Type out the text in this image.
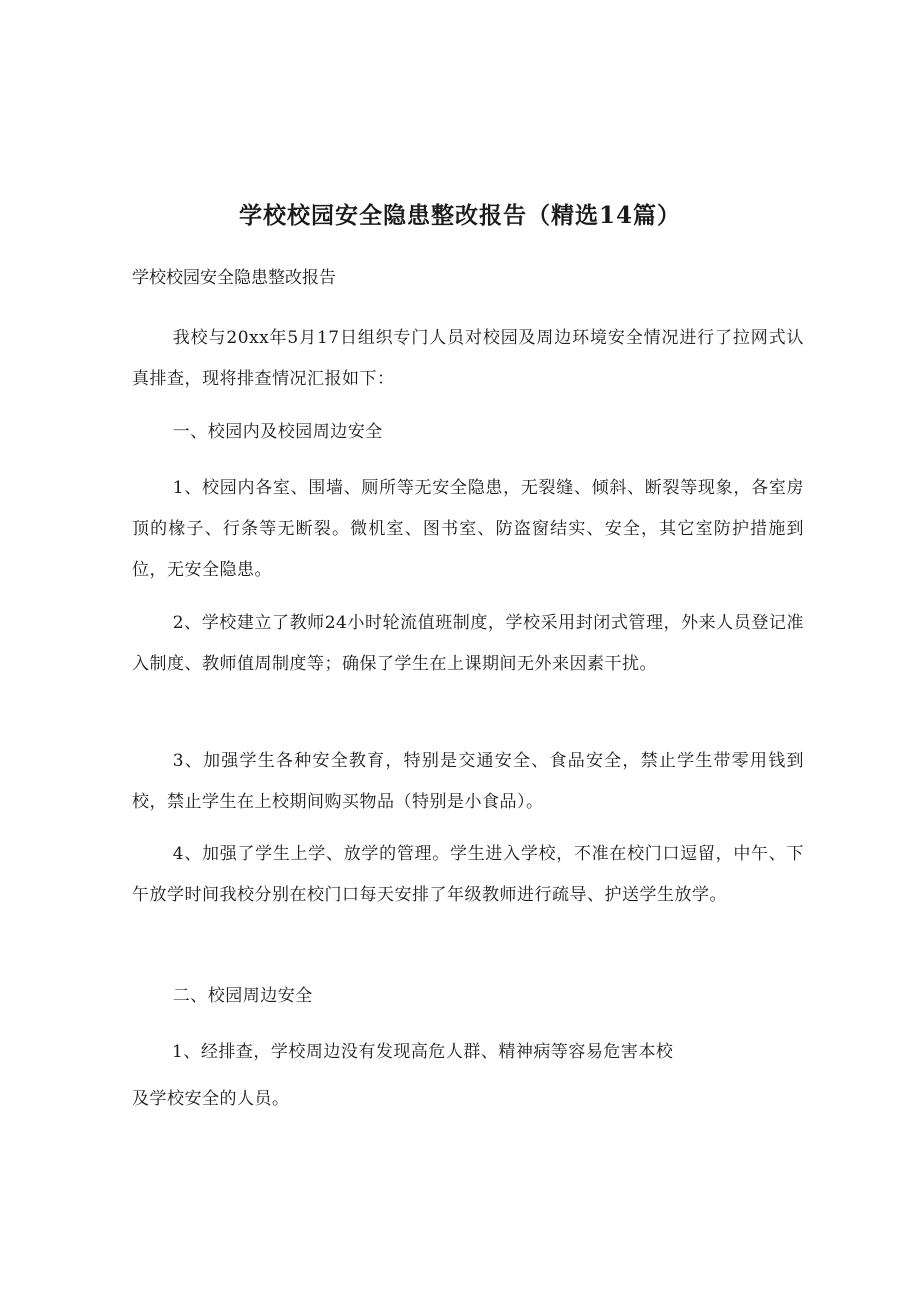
学校校园安全隐患整改报告（精选14篇）
学校校园安全隐患整改报告
我校与20xx年5月17日组织专门人员对校园及周边环境安全情况进行了拉网式认真排查，现将排查情况汇报如下：
一、校园内及校园周边安全
1、校园内各室、围墙、厕所等无安全隐患，无裂缝、倾斜、断裂等现象，各室房顶的椽子、行条等无断裂。微机室、图书室、防盗窗结实、安全，其它室防护措施到位，无安全隐患。
2、学校建立了教师24小时轮流值班制度，学校采用封闭式管理，外来人员登记准入制度、教师值周制度等；确保了学生在上课期间无外来因素干扰。
3、加强学生各种安全教育，特别是交通安全、食品安全，禁止学生带零用钱到校，禁止学生在上校期间购买物品（特别是小食品）。
4、加强了学生上学、放学的管理。学生进入学校，不准在校门口逗留，中午、下午放学时间我校分别在校门口每天安排了年级教师进行疏导、护送学生放学。
二、校园周边安全
1、经排查，学校周边没有发现高危人群、精神病等容易危害本校
及学校安全的人员。
